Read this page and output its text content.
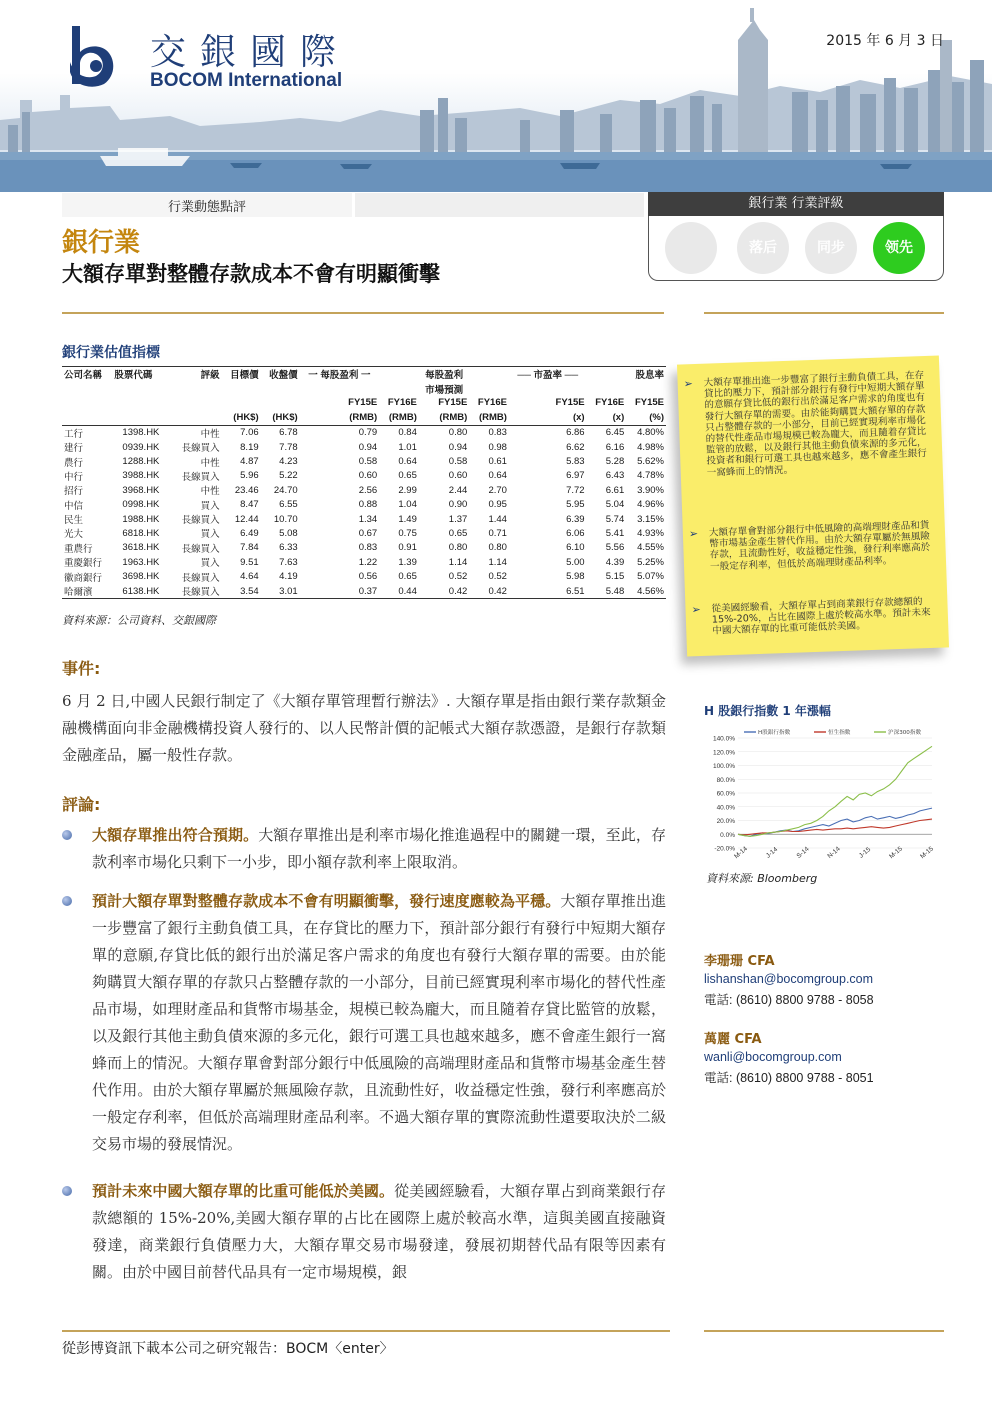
交銀國際
BOCOM International
2015 年 6 月 3 日
行業動態點評	銀行業 行業評級
落后	同步	领先
銀行業
大額存單對整體存款成本不會有明顯衝擊
銀行業估值指標
公司名稱	股票代碼	評級	目標價	收盤價	一 每股盈利 一		每股盈利		── 市盈率 ──		股息率
							市場預測				
					FY15E	FY16E	FY15E	FY16E	FY15E	FY16E	FY15E
			(HK$)	(HK$)	(RMB)	(RMB)	(RMB)	(RMB)	(x)	(x)	(%)
工行	1398.HK	中性	7.06	6.78	0.79	0.84	0.80	0.83	6.86	6.45	4.80%
建行	0939.HK	長線買入	8.19	7.78	0.94	1.01	0.94	0.98	6.62	6.16	4.98%
農行	1288.HK	中性	4.87	4.23	0.58	0.64	0.58	0.61	5.83	5.28	5.62%
中行	3988.HK	長線買入	5.96	5.22	0.60	0.65	0.60	0.64	6.97	6.43	4.78%
招行	3968.HK	中性	23.46	24.70	2.56	2.99	2.44	2.70	7.72	6.61	3.90%
中信	0998.HK	買入	8.47	6.55	0.88	1.04	0.90	0.95	5.95	5.04	4.96%
民生	1988.HK	長線買入	12.44	10.70	1.34	1.49	1.37	1.44	6.39	5.74	3.15%
光大	6818.HK	買入	6.49	5.08	0.67	0.75	0.65	0.71	6.06	5.41	4.93%
重農行	3618.HK	長線買入	7.84	6.33	0.83	0.91	0.80	0.80	6.10	5.56	4.55%
重慶銀行	1963.HK	買入	9.51	7.63	1.22	1.39	1.14	1.14	5.00	4.39	5.25%
徽商銀行	3698.HK	長線買入	4.64	4.19	0.56	0.65	0.52	0.52	5.98	5.15	5.07%
哈爾濱	6138.HK	長線買入	3.54	3.01	0.37	0.44	0.42	0.42	6.51	5.48	4.56%
資料來源：公司資料、交銀國際
➢ 大額存單推出進一步豐富了銀行主動負債工具，在存貸比的壓力下，預計部分銀行有發行中短期大額存單的意願存貸比低的銀行出於滿足客户需求的角度也有發行大額存單的需要。由於能夠購買大額存單的存款只占整體存款的一小部分，目前已經實現利率市場化的替代性產品市場規模已較為龐大，而且隨着存貸比監管的放鬆，以及銀行其他主動負債來源的多元化，投資者和銀行可選工具也越來越多，應不會產生銀行一窩蜂而上的情況。
➢ 大額存單會對部分銀行中低風險的高端理財產品和貨幣市場基金產生替代作用。由於大額存單屬於無風險存款，且流動性好，收益穩定性強，發行利率應高於一般定存利率，但低於高端理財產品利率。
➢ 從美國經驗看，大額存單占到商業銀行存款總額的 15%-20%，占比在國際上處於較高水準。預計未來中國大額存單的比重可能低於美國。
事件:
6 月 2 日,中國人民銀行制定了《大額存單管理暫行辦法》. 大額存單是指由銀行業存款類金融機構面向非金融機構投資人發行的、以人民幣計價的記帳式大額存款憑證，是銀行存款類金融產品，屬一般性存款。
評論:
大額存單推出符合預期。大額存單推出是利率市場化推進過程中的關鍵一環，至此，存款利率市場化只剩下一小步，即小額存款利率上限取消。
預計大額存單對整體存款成本不會有明顯衝擊，發行速度應較為平穩。大額存單推出進一步豐富了銀行主動負債工具，在存貸比的壓力下，預計部分銀行有發行中短期大額存單的意願,存貸比低的銀行出於滿足客户需求的角度也有發行大額存單的需要。由於能夠購買大額存單的存款只占整體存款的一小部分，目前已經實現利率市場化的替代性產品市場，如理財產品和貨幣市場基金，規模已較為龐大，而且隨着存貸比監管的放鬆，以及銀行其他主動負債來源的多元化，銀行可選工具也越來越多，應不會產生銀行一窩蜂而上的情況。大額存單會對部分銀行中低風險的高端理財產品和貨幣市場基金產生替代作用。由於大額存單屬於無風險存款，且流動性好，收益穩定性強，發行利率應高於一般定存利率，但低於高端理財產品利率。不過大額存單的實際流動性還要取決於二級交易市場的發展情況。
預計未來中國大額存單的比重可能低於美國。從美國經驗看，大額存單占到商業銀行存款總額的 15%-20%,美國大額存單的占比在國際上處於較高水準，這與美國直接融資發達，商業銀行負債壓力大，大額存單交易市場發達，發展初期替代品有限等因素有關。由於中國目前替代品具有一定市場規模，銀
H 股銀行指數 1 年漲幅
H股銀行指數	恒生指數	沪深300指數
140.0%
120.0%
100.0%
80.0%
60.0%
40.0%
20.0%
0.0%
-20.0%
M-14 J-14	S-14 N-14	J-15 M-15 M-15
資料來源: Bloomberg
李珊珊 CFA
lishanshan@bocomgroup.com
電話: (8610) 8800 9788 - 8058
萬麗 CFA
wanli@bocomgroup.com
電話: (8610) 8800 9788 - 8051
從彭博資訊下載本公司之研究報告：BOCM〈enter〉
